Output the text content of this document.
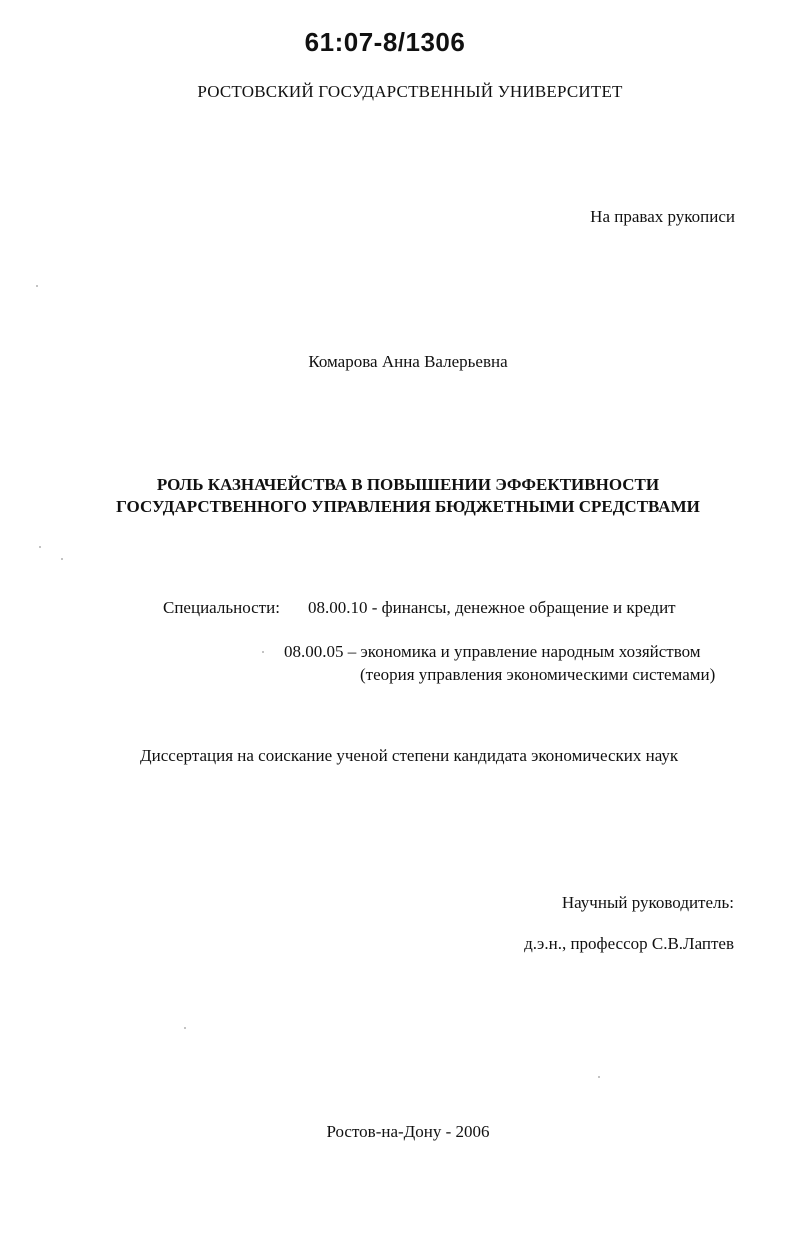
61:07-8/1306
РОСТОВСКИЙ ГОСУДАРСТВЕННЫЙ УНИВЕРСИТЕТ
На правах рукописи
Комарова Анна Валерьевна
РОЛЬ КАЗНАЧЕЙСТВА В ПОВЫШЕНИИ ЭФФЕКТИВНОСТИ
ГОСУДАРСТВЕННОГО УПРАВЛЕНИЯ БЮДЖЕТНЫМИ СРЕДСТВАМИ
Специальности: 08.00.10 - финансы, денежное обращение и кредит
08.00.05 – экономика и управление народным хозяйством
(теория управления экономическими системами)
Диссертация на соискание ученой степени кандидата экономических наук
Научный руководитель:
д.э.н., профессор С.В.Лаптев
Ростов-на-Дону - 2006
